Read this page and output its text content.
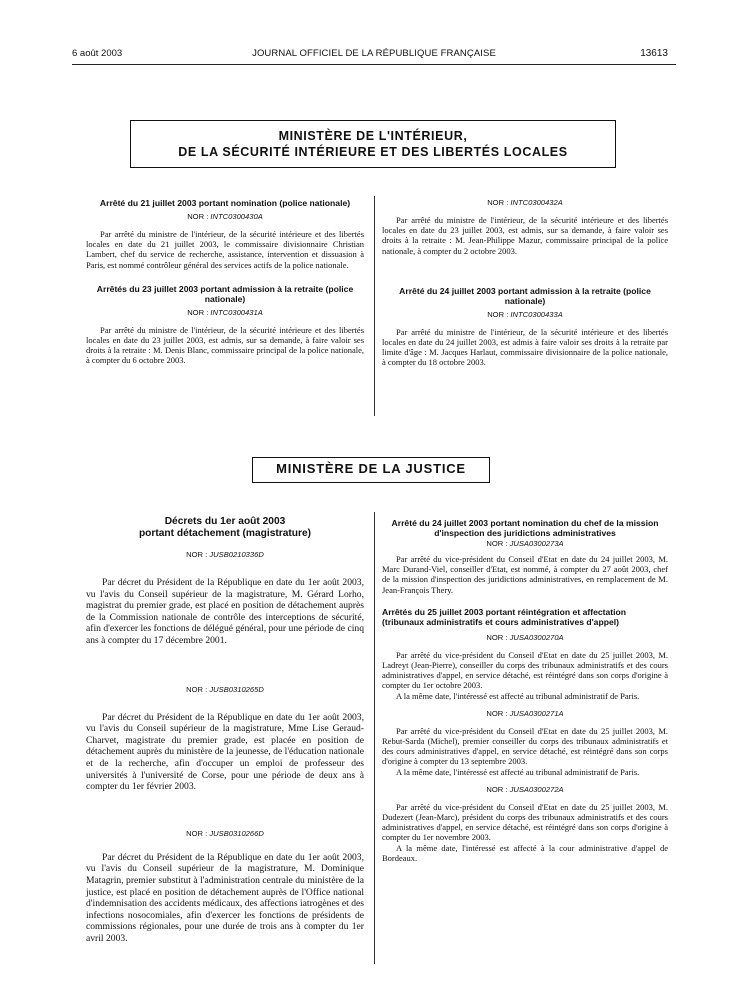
6 août 2003	JOURNAL OFFICIEL DE LA RÉPUBLIQUE FRANÇAISE	13613
MINISTÈRE DE L'INTÉRIEUR,
DE LA SÉCURITÉ INTÉRIEURE ET DES LIBERTÉS LOCALES
Arrêté du 21 juillet 2003 portant nomination (police nationale)
NOR : INTC0300430A

Par arrêté du ministre de l'intérieur, de la sécurité intérieure et des libertés locales en date du 21 juillet 2003, le commissaire divisionnaire Christian Lambert, chef du service de recherche, assistance, intervention et dissuasion à Paris, est nommé contrôleur général des services actifs de la police nationale.

Arrêtés du 23 juillet 2003 portant admission à la retraite (police nationale)
NOR : INTC0300431A

Par arrêté du ministre de l'intérieur, de la sécurité intérieure et des libertés locales en date du 23 juillet 2003, est admis, sur sa demande, à faire valoir ses droits à la retraite : M. Denis Blanc, commissaire principal de la police nationale, à compter du 6 octobre 2003.

NOR : INTC0300432A

Par arrêté du ministre de l'intérieur, de la sécurité intérieure et des libertés locales en date du 23 juillet 2003, est admis, sur sa demande, à faire valoir ses droits à la retraite : M. Jean-Philippe Mazur, commissaire principal de la police nationale, à compter du 2 octobre 2003.

Arrêté du 24 juillet 2003 portant admission à la retraite (police nationale)
NOR : INTC0300433A

Par arrêté du ministre de l'intérieur, de la sécurité intérieure et des libertés locales en date du 24 juillet 2003, est admis à faire valoir ses droits à la retraite par limite d'âge : M. Jacques Harlaut, commissaire divisionnaire de la police nationale, à compter du 18 octobre 2003.

MINISTÈRE DE LA JUSTICE
Décrets du 1er août 2003
portant détachement (magistrature)
NOR : JUSB0210336D

Par décret du Président de la République en date du 1er août 2003, vu l'avis du Conseil supérieur de la magistrature, M. Gérard Lorho, magistrat du premier grade, est placé en position de détachement auprès de la Commission nationale de contrôle des interceptions de sécurité, afin d'exercer les fonctions de délégué général, pour une période de cinq ans à compter du 17 décembre 2001.

NOR : JUSB0310265D

Par décret du Président de la République en date du 1er août 2003, vu l'avis du Conseil supérieur de la magistrature, Mme Lise Geraud-Charvet, magistrate du premier grade, est placée en position de détachement auprès du ministère de la jeunesse, de l'éducation nationale et de la recherche, afin d'occuper un emploi de professeur des universités à l'université de Corse, pour une période de deux ans à compter du 1er février 2003.

NOR : JUSB0310266D

Par décret du Président de la République en date du 1er août 2003, vu l'avis du Conseil supérieur de la magistrature, M. Dominique Matagrin, premier substitut à l'administration centrale du ministère de la justice, est placé en position de détachement auprès de l'Office national d'indemnisation des accidents médicaux, des affections iatrogènes et des infections nosocomiales, afin d'exercer les fonctions de présidents de commissions régionales, pour une durée de trois ans à compter du 1er avril 2003.

Arrêté du 24 juillet 2003 portant nomination du chef de la mission d'inspection des juridictions administratives
NOR : JUSA0300273A

Par arrêté du vice-président du Conseil d'Etat en date du 24 juillet 2003, M. Marc Durand-Viel, conseiller d'Etat, est nommé, à compter du 27 août 2003, chef de la mission d'inspection des juridictions administratives, en remplacement de M. Jean-François Thery.

Arrêtés du 25 juillet 2003 portant réintégration et affectation (tribunaux administratifs et cours administratives d'appel)
NOR : JUSA0300270A

Par arrêté du vice-président du Conseil d'Etat en date du 25 juillet 2003, M. Ladreyt (Jean-Pierre), conseiller du corps des tribunaux administratifs et des cours administratives d'appel, en service détaché, est réintégré dans son corps d'origine à compter du 1er octobre 2003.

A la même date, l'intéressé est affecté au tribunal administratif de Paris.

NOR : JUSA0300271A

Par arrêté du vice-président du Conseil d'Etat en date du 25 juillet 2003, M. Rebut-Sarda (Michel), premier conseiller du corps des tribunaux administratifs et des cours administratives d'appel, en service détaché, est réintégré dans son corps d'origine à compter du 13 septembre 2003.

A la même date, l'intéressé est affecté au tribunal administratif de Paris.

NOR : JUSA0300272A

Par arrêté du vice-président du Conseil d'Etat en date du 25 juillet 2003, M. Dudezert (Jean-Marc), président du corps des tribunaux administratifs et des cours administratives d'appel, en service détaché, est réintégré dans son corps d'origine à compter du 1er novembre 2003.

A la même date, l'intéressé est affecté à la cour administrative d'appel de Bordeaux.
